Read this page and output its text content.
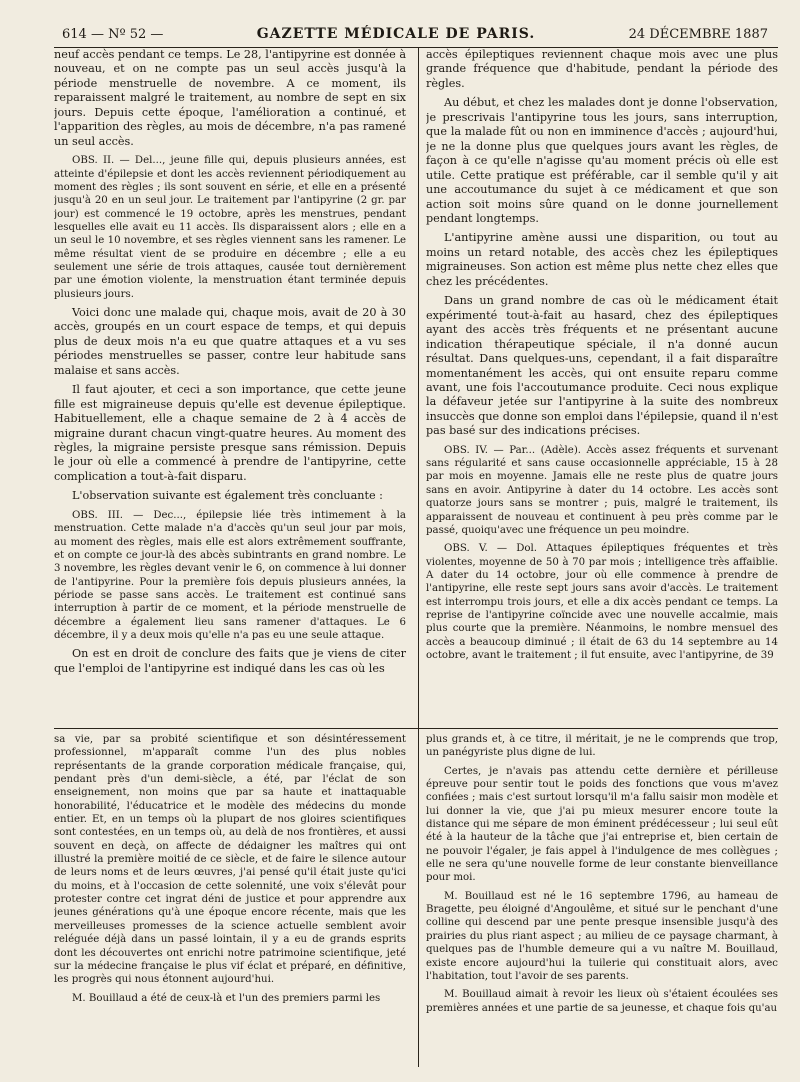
614 — Nº 52 —	GAZETTE MÉDICALE DE PARIS.	24 DÉCEMBRE 1887

neuf accès pendant ce temps. Le 28, l'antipyrine est donnée à nouveau, et on ne compte pas un seul accès jusqu'à la période menstruelle de novembre. A ce moment, ils reparaissent malgré le traitement, au nombre de sept en six jours. Depuis cette époque, l'amélioration a continué, et l'apparition des règles, au mois de décembre, n'a pas ramené un seul accès.

OBS. II. — Del..., jeune fille qui, depuis plusieurs années, est atteinte d'épilepsie et dont les accès reviennent périodiquement au moment des règles ; ils sont souvent en série, et elle en a présenté jusqu'à 20 en un seul jour. Le traitement par l'antipyrine (2 gr. par jour) est commencé le 19 octobre, après les menstrues, pendant lesquelles elle avait eu 11 accès. Ils disparaissent alors ; elle en a un seul le 10 novembre, et ses règles viennent sans les ramener. Le même résultat vient de se produire en décembre ; elle a eu seulement une série de trois attaques, causée tout dernièrement par une émotion violente, la menstruation étant terminée depuis plusieurs jours.

Voici donc une malade qui, chaque mois, avait de 20 à 30 accès, groupés en un court espace de temps, et qui depuis plus de deux mois n'a eu que quatre attaques et a vu ses périodes menstruelles se passer, contre leur habitude sans malaise et sans accès.

Il faut ajouter, et ceci a son importance, que cette jeune fille est migraineuse depuis qu'elle est devenue épileptique. Habituellement, elle a chaque semaine de 2 à 4 accès de migraine durant chacun vingt-quatre heures. Au moment des règles, la migraine persiste presque sans rémission. Depuis le jour où elle a commencé à prendre de l'antipyrine, cette complication a tout-à-fait disparu.

L'observation suivante est également très concluante :

OBS. III. — Dec..., épilepsie liée très intimement à la menstruation. Cette malade n'a d'accès qu'un seul jour par mois, au moment des règles, mais elle est alors extrêmement souffrante, et on compte ce jour-là des abcès subintrants en grand nombre. Le 3 novembre, les règles devant venir le 6, on commence à lui donner de l'antipyrine. Pour la première fois depuis plusieurs années, la période se passe sans accès. Le traitement est continué sans interruption à partir de ce moment, et la période menstruelle de décembre a également lieu sans ramener d'attaques. Le 6 décembre, il y a deux mois qu'elle n'a pas eu une seule attaque.

On est en droit de conclure des faits que je viens de citer que l'emploi de l'antipyrine est indiqué dans les cas où les

accès épileptiques reviennent chaque mois avec une plus grande fréquence que d'habitude, pendant la période des règles.

Au début, et chez les malades dont je donne l'observation, je prescrivais l'antipyrine tous les jours, sans interruption, que la malade fût ou non en imminence d'accès ; aujourd'hui, je ne la donne plus que quelques jours avant les règles, de façon à ce qu'elle n'agisse qu'au moment précis où elle est utile. Cette pratique est préférable, car il semble qu'il y ait une accoutumance du sujet à ce médicament et que son action soit moins sûre quand on le donne journellement pendant longtemps.

L'antipyrine amène aussi une disparition, ou tout au moins un retard notable, des accès chez les épileptiques migraineuses. Son action est même plus nette chez elles que chez les précédentes.

Dans un grand nombre de cas où le médicament était expérimenté tout-à-fait au hasard, chez des épileptiques ayant des accès très fréquents et ne présentant aucune indication thérapeutique spéciale, il n'a donné aucun résultat. Dans quelques-uns, cependant, il a fait disparaître momentanément les accès, qui ont ensuite reparu comme avant, une fois l'accoutumance produite. Ceci nous explique la défaveur jetée sur l'antipyrine à la suite des nombreux insuccès que donne son emploi dans l'épilepsie, quand il n'est pas basé sur des indications précises.

OBS. IV. — Par... (Adèle). Accès assez fréquents et survenant sans régularité et sans cause occasionnelle appréciable, 15 à 28 par mois en moyenne. Jamais elle ne reste plus de quatre jours sans en avoir. Antipyrine à dater du 14 octobre. Les accès sont quatorze jours sans se montrer ; puis, malgré le traitement, ils apparaissent de nouveau et continuent à peu près comme par le passé, quoiqu'avec une fréquence un peu moindre.

OBS. V. — Dol. Attaques épileptiques fréquentes et très violentes, moyenne de 50 à 70 par mois ; intelligence très affaiblie. A dater du 14 octobre, jour où elle commence à prendre de l'antipyrine, elle reste sept jours sans avoir d'accès. Le traitement est interrompu trois jours, et elle a dix accès pendant ce temps. La reprise de l'antipyrine coïncide avec une nouvelle accalmie, mais plus courte que la première. Néanmoins, le nombre mensuel des accès a beaucoup diminué ; il était de 63 du 14 septembre au 14 octobre, avant le traitement ; il fut ensuite, avec l'antipyrine, de 39

sa vie, par sa probité scientifique et son désintéressement professionnel, m'apparaît comme l'un des plus nobles représentants de la grande corporation médicale française, qui, pendant près d'un demi-siècle, a été, par l'éclat de son enseignement, non moins que par sa haute et inattaquable honorabilité, l'éducatrice et le modèle des médecins du monde entier. Et, en un temps où la plupart de nos gloires scientifiques sont contestées, en un temps où, au delà de nos frontières, et aussi souvent en deçà, on affecte de dédaigner les maîtres qui ont illustré la première moitié de ce siècle, et de faire le silence autour de leurs noms et de leurs œuvres, j'ai pensé qu'il était juste qu'ici du moins, et à l'occasion de cette solennité, une voix s'élevât pour protester contre cet ingrat déni de justice et pour apprendre aux jeunes générations qu'à une époque encore récente, mais que les merveilleuses promesses de la science actuelle semblent avoir reléguée déjà dans un passé lointain, il y a eu de grands esprits dont les découvertes ont enrichi notre patrimoine scientifique, jeté sur la médecine française le plus vif éclat et préparé, en définitive, les progrès qui nous étonnent aujourd'hui.

M. Bouillaud a été de ceux-là et l'un des premiers parmi les

plus grands et, à ce titre, il méritait, je ne le comprends que trop, un panégyriste plus digne de lui.

Certes, je n'avais pas attendu cette dernière et périlleuse épreuve pour sentir tout le poids des fonctions que vous m'avez confiées ; mais c'est surtout lorsqu'il m'a fallu saisir mon modèle et lui donner la vie, que j'ai pu mieux mesurer encore toute la distance qui me sépare de mon éminent prédécesseur ; lui seul eût été à la hauteur de la tâche que j'ai entreprise et, bien certain de ne pouvoir l'égaler, je fais appel à l'indulgence de mes collègues ; elle ne sera qu'une nouvelle forme de leur constante bienveillance pour moi.

M. Bouillaud est né le 16 septembre 1796, au hameau de Bragette, peu éloigné d'Angoulême, et situé sur le penchant d'une colline qui descend par une pente presque insensible jusqu'à des prairies du plus riant aspect ; au milieu de ce paysage charmant, à quelques pas de l'humble demeure qui a vu naître M. Bouillaud, existe encore aujourd'hui la tuilerie qui constituait alors, avec l'habitation, tout l'avoir de ses parents.

M. Bouillaud aimait à revoir les lieux où s'étaient écoulées ses premières années et une partie de sa jeunesse, et chaque fois qu'au
